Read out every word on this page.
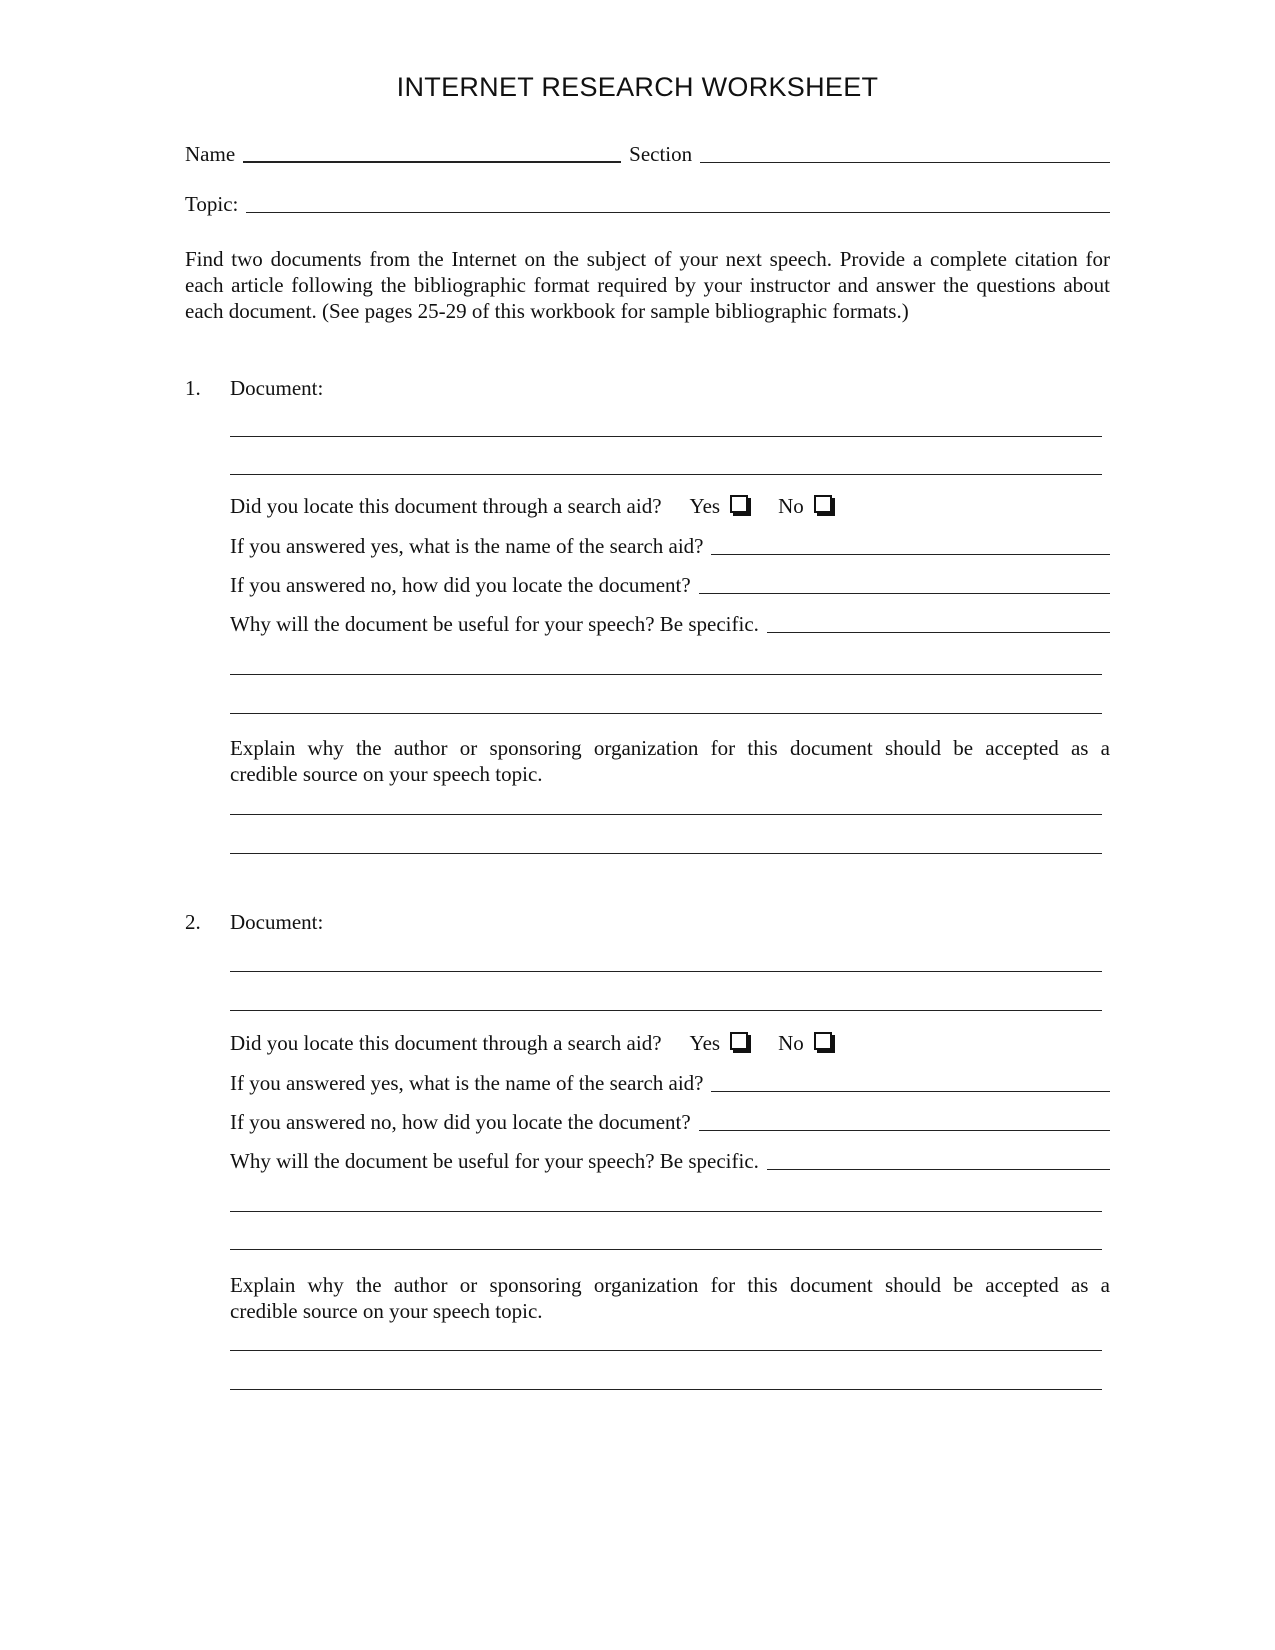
INTERNET RESEARCH WORKSHEET
Name	Section
Topic:

Find two documents from the Internet on the subject of your next speech. Provide a complete citation for each article following the bibliographic format required by your instructor and answer the questions about each document. (See pages 25-29 of this workbook for sample bibliographic formats.)

1. Document:
Did you locate this document through a search aid? Yes	No
If you answered yes, what is the name of the search aid?
If you answered no, how did you locate the document?
Why will the document be useful for your speech? Be specific.

Explain why the author or sponsoring organization for this document should be accepted as a
credible source on your speech topic.

2. Document:
Did you locate this document through a search aid? Yes	No
If you answered yes, what is the name of the search aid?
If you answered no, how did you locate the document?
Why will the document be useful for your speech? Be specific.

Explain why the author or sponsoring organization for this document should be accepted as a
credible source on your speech topic.
